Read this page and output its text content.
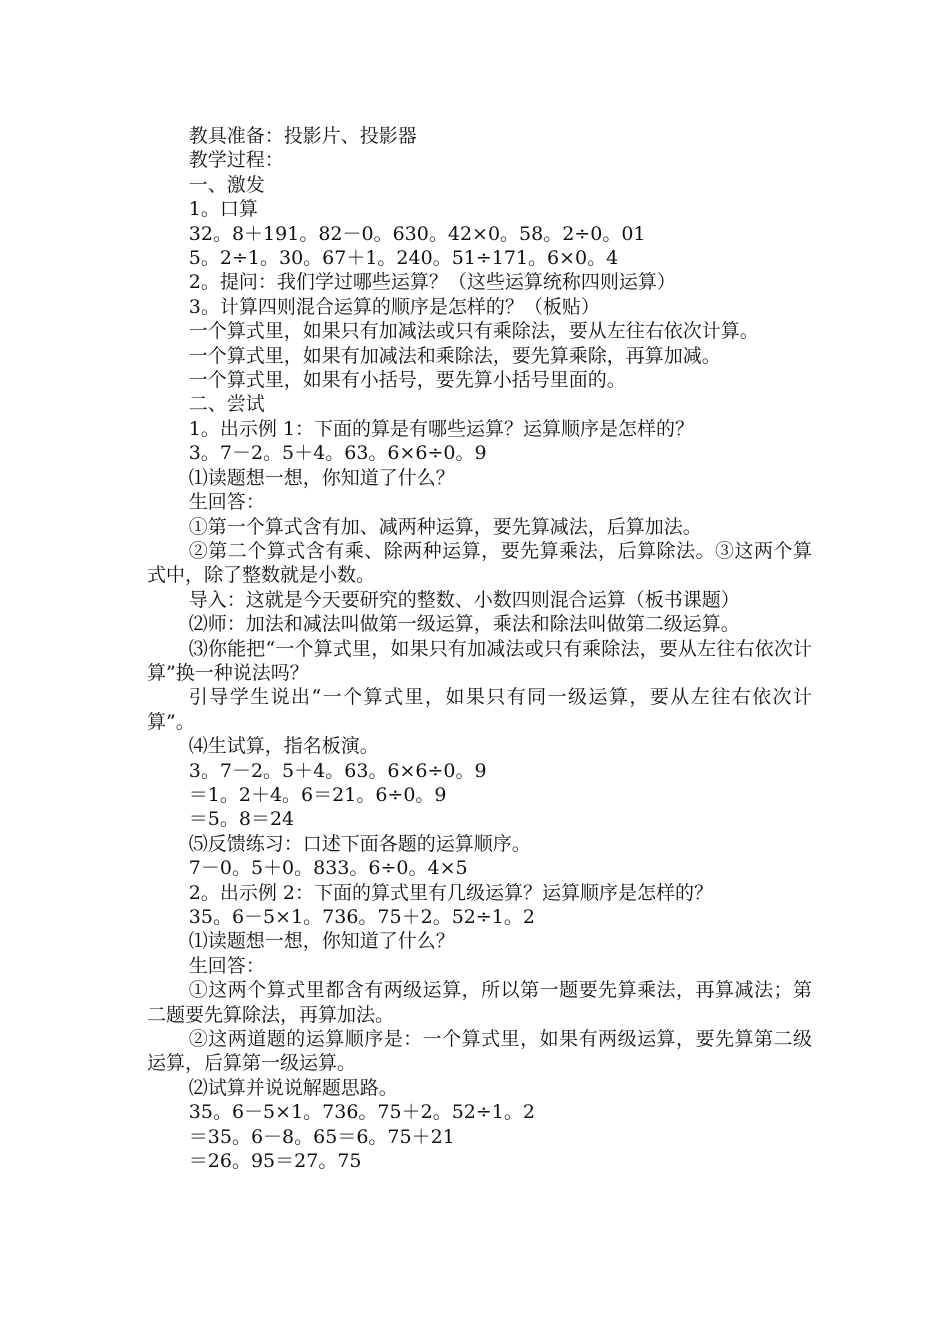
教具准备：投影片、投影器

教学过程：

一、激发

1。口算

32。8＋191。82－0。630。42×0。58。2÷0。01

5。2÷1。30。67＋1。240。51÷171。6×0。4

2。提问：我们学过哪些运算？（这些运算统称四则运算）

3。计算四则混合运算的顺序是怎样的？（板贴）

一个算式里，如果只有加减法或只有乘除法，要从左往右依次计算。

一个算式里，如果有加减法和乘除法，要先算乘除，再算加减。

一个算式里，如果有小括号，要先算小括号里面的。

二、尝试

1。出示例 1：下面的算是有哪些运算？运算顺序是怎样的？

3。7－2。5＋4。63。6×6÷0。9

⑴读题想一想，你知道了什么？

生回答：

①第一个算式含有加、减两种运算，要先算减法，后算加法。

②第二个算式含有乘、除两种运算，要先算乘法，后算除法。③这两个算式中，除了整数就是小数。

导入：这就是今天要研究的整数、小数四则混合运算（板书课题）

⑵师：加法和减法叫做第一级运算，乘法和除法叫做第二级运算。

⑶你能把“一个算式里，如果只有加减法或只有乘除法，要从左往右依次计算”换一种说法吗？

引导学生说出“一个算式里，如果只有同一级运算，要从左往右依次计算”。

⑷生试算，指名板演。

3。7－2。5＋4。63。6×6÷0。9

＝1。2＋4。6＝21。6÷0。9

＝5。8＝24

⑸反馈练习：口述下面各题的运算顺序。

7－0。5＋0。833。6÷0。4×5

2。出示例 2：下面的算式里有几级运算？运算顺序是怎样的？

35。6－5×1。736。75＋2。52÷1。2

⑴读题想一想，你知道了什么？

生回答：

①这两个算式里都含有两级运算，所以第一题要先算乘法，再算减法；第二题要先算除法，再算加法。

②这两道题的运算顺序是：一个算式里，如果有两级运算，要先算第二级运算，后算第一级运算。

⑵试算并说说解题思路。

35。6－5×1。736。75＋2。52÷1。2

＝35。6－8。65＝6。75＋21

＝26。95＝27。75
